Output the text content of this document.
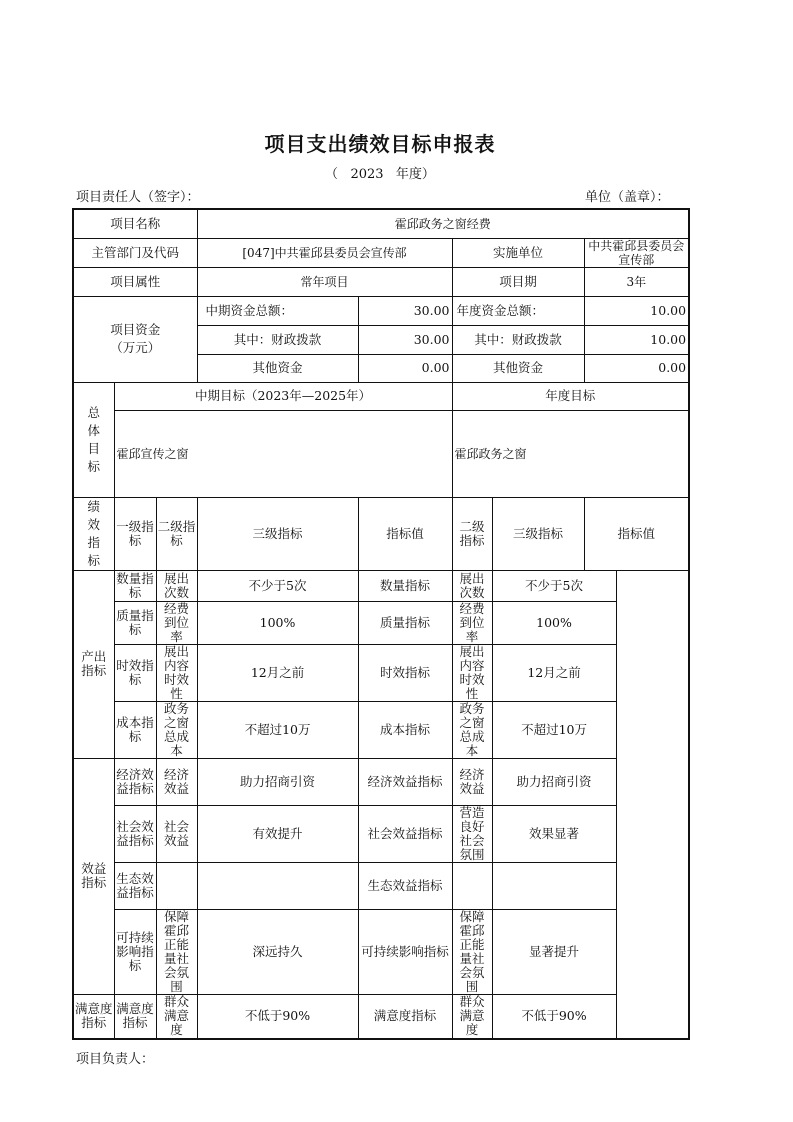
项目支出绩效目标申报表
（   2023   年度）
项目责任人（签字）：	单位（盖章）：
项目名称			霍邱政务之窗经费				
主管部门及代码			[047]中共霍邱县委员会宣传部		实施单位		中共霍邱县委员会宣传部
项目属性			常年项目		项目期		3年

项目资金（万元）			中期资金总额：	30.00	年度资金总额：		10.00
			其中：财政拨款	30.00	其中：财政拨款		10.00
			其他资金	0.00	其他资金		0.00
总体目标	中期目标（2023年—2025年）				年度目标		
	霍邱宣传之窗				霍邱政务之窗		
绩效指标	一级指标	二级指标	三级指标	指标值	二级指标	三级指标	指标值
产出指标	数量指标	展出次数	不少于5次	数量指标	展出次数	不少于5次	
	质量指标	经费到位率	100%	质量指标	经费到位率	100%	
	时效指标	展出内容时效性	12月之前	时效指标	展出内容时效性	12月之前	
	成本指标	政务之窗总成本	不超过10万	成本指标	政务之窗总成本	不超过10万	
效益指标	经济效益指标	经济效益	助力招商引资	经济效益指标	经济效益	助力招商引资	
	社会效益指标	社会效益	有效提升	社会效益指标	营造良好社会氛围	效果显著	
	生态效益指标			生态效益指标			
	可持续影响指标	保障霍邱正能量社会氛围	深远持久	可持续影响指标	保障霍邱正能量社会氛围	显著提升	
满意度指标	满意度指标	群众满意度	不低于90%	满意度指标	群众满意度	不低于90%	
项目负责人：
